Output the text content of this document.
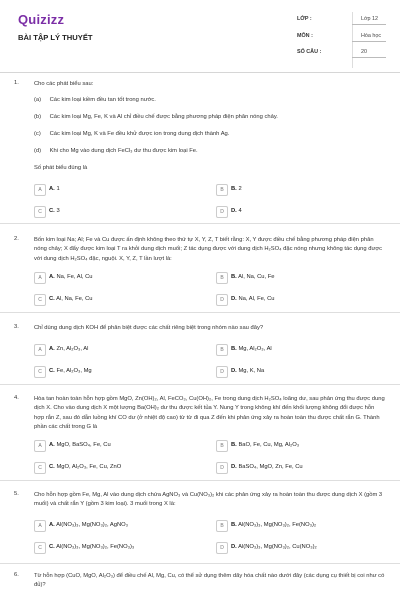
Quizizz
BÀI TẬP LÝ THUYẾT
LỚP :	Lớp 12
MÔN :	Hóa học
SỐ CÂU :	20
1.	Cho các phát biểu sau:
(a) Các kim loại kiềm đều tan tốt trong nước.
(b) Các kim loại Mg, Fe, K và Al chỉ điều chế được bằng phương pháp điện phân nóng chảy.
(c) Các kim loại Mg, K và Fe đều khử được ion trong dung dịch thành Ag.
(d) Khi cho Mg vào dung dịch FeCl₃ dư thu được kim loại Fe.
Số phát biểu đúng là
A	A. 1	B	B. 2
C	C. 3	D	D. 4
2.	Bốn kim loại Na; Al; Fe và Cu được ấn định không theo thứ tự X, Y, Z, T biết rằng: X, Y được điều chế bằng phương pháp điện phân nóng chảy; X đẩy được kim loại T ra khỏi dung dịch muối; Z tác dụng được với dung dịch H₂SO₄ đặc nóng nhưng không tác dụng được với dung dịch H₂SO₄ đặc, nguội. X, Y, Z, T lần lượt là:
A	A. Na, Fe, Al, Cu	B	B. Al, Na, Cu, Fe
C	C. Al, Na, Fe, Cu	D	D. Na, Al, Fe, Cu
3.	Chỉ dùng dung dịch KOH để phân biệt được các chất riêng biệt trong nhóm nào sau đây?
A	A. Zn, Al₂O₃, Al	B	B. Mg, Al₂O₃, Al
C	C. Fe, Al₂O₃, Mg	D	D. Mg, K, Na
4.	Hòa tan hoàn toàn hỗn hợp gồm MgO, Zn(OH)₂, Al, FeCO₃, Cu(OH)₂, Fe trong dung dịch H₂SO₄ loãng dư, sau phản ứng thu được dung dịch X. Cho vào dung dịch X một lượng Ba(OH)₂ dư thu được kết tủa Y. Nung Y trong không khí đến khối lượng không đổi được hỗn hợp rắn Z, sau đó dẫn luồng khí CO dư (ở nhiệt độ cao) từ từ đi qua Z đến khi phản ứng xảy ra hoàn toàn thu được chất rắn G. Thành phần các chất trong G là
A	A. MgO, BaSO₄, Fe, Cu	B	B. BaO, Fe, Cu, Mg, Al₂O₃
C	C. MgO, Al₂O₃, Fe, Cu, ZnO	D	D. BaSO₄, MgO, Zn, Fe, Cu
5.	Cho hỗn hợp gồm Fe, Mg, Al vào dung dịch chứa AgNO₃ và Cu(NO₃)₂ khi các phản ứng xảy ra hoàn toàn thu được dung dịch X (gồm 3 muối) và chất rắn Y (gồm 3 kim loại). 3 muối trong X là:
A	A. Al(NO₃)₃, Mg(NO₃)₂, AgNO₃	B	B. Al(NO₃)₃, Mg(NO₃)₂, Fe(NO₃)₂
C	C. Al(NO₃)₃, Mg(NO₃)₂, Fe(NO₃)₃	D	D. Al(NO₃)₃, Mg(NO₃)₂, Cu(NO₃)₂
6.	Từ hỗn hợp (CuO, MgO, Al₂O₃) để điều chế Al, Mg, Cu, có thể sử dụng thêm dãy hóa chất nào dưới đây (các dụng cụ thiết bị coi như có đủ)?
